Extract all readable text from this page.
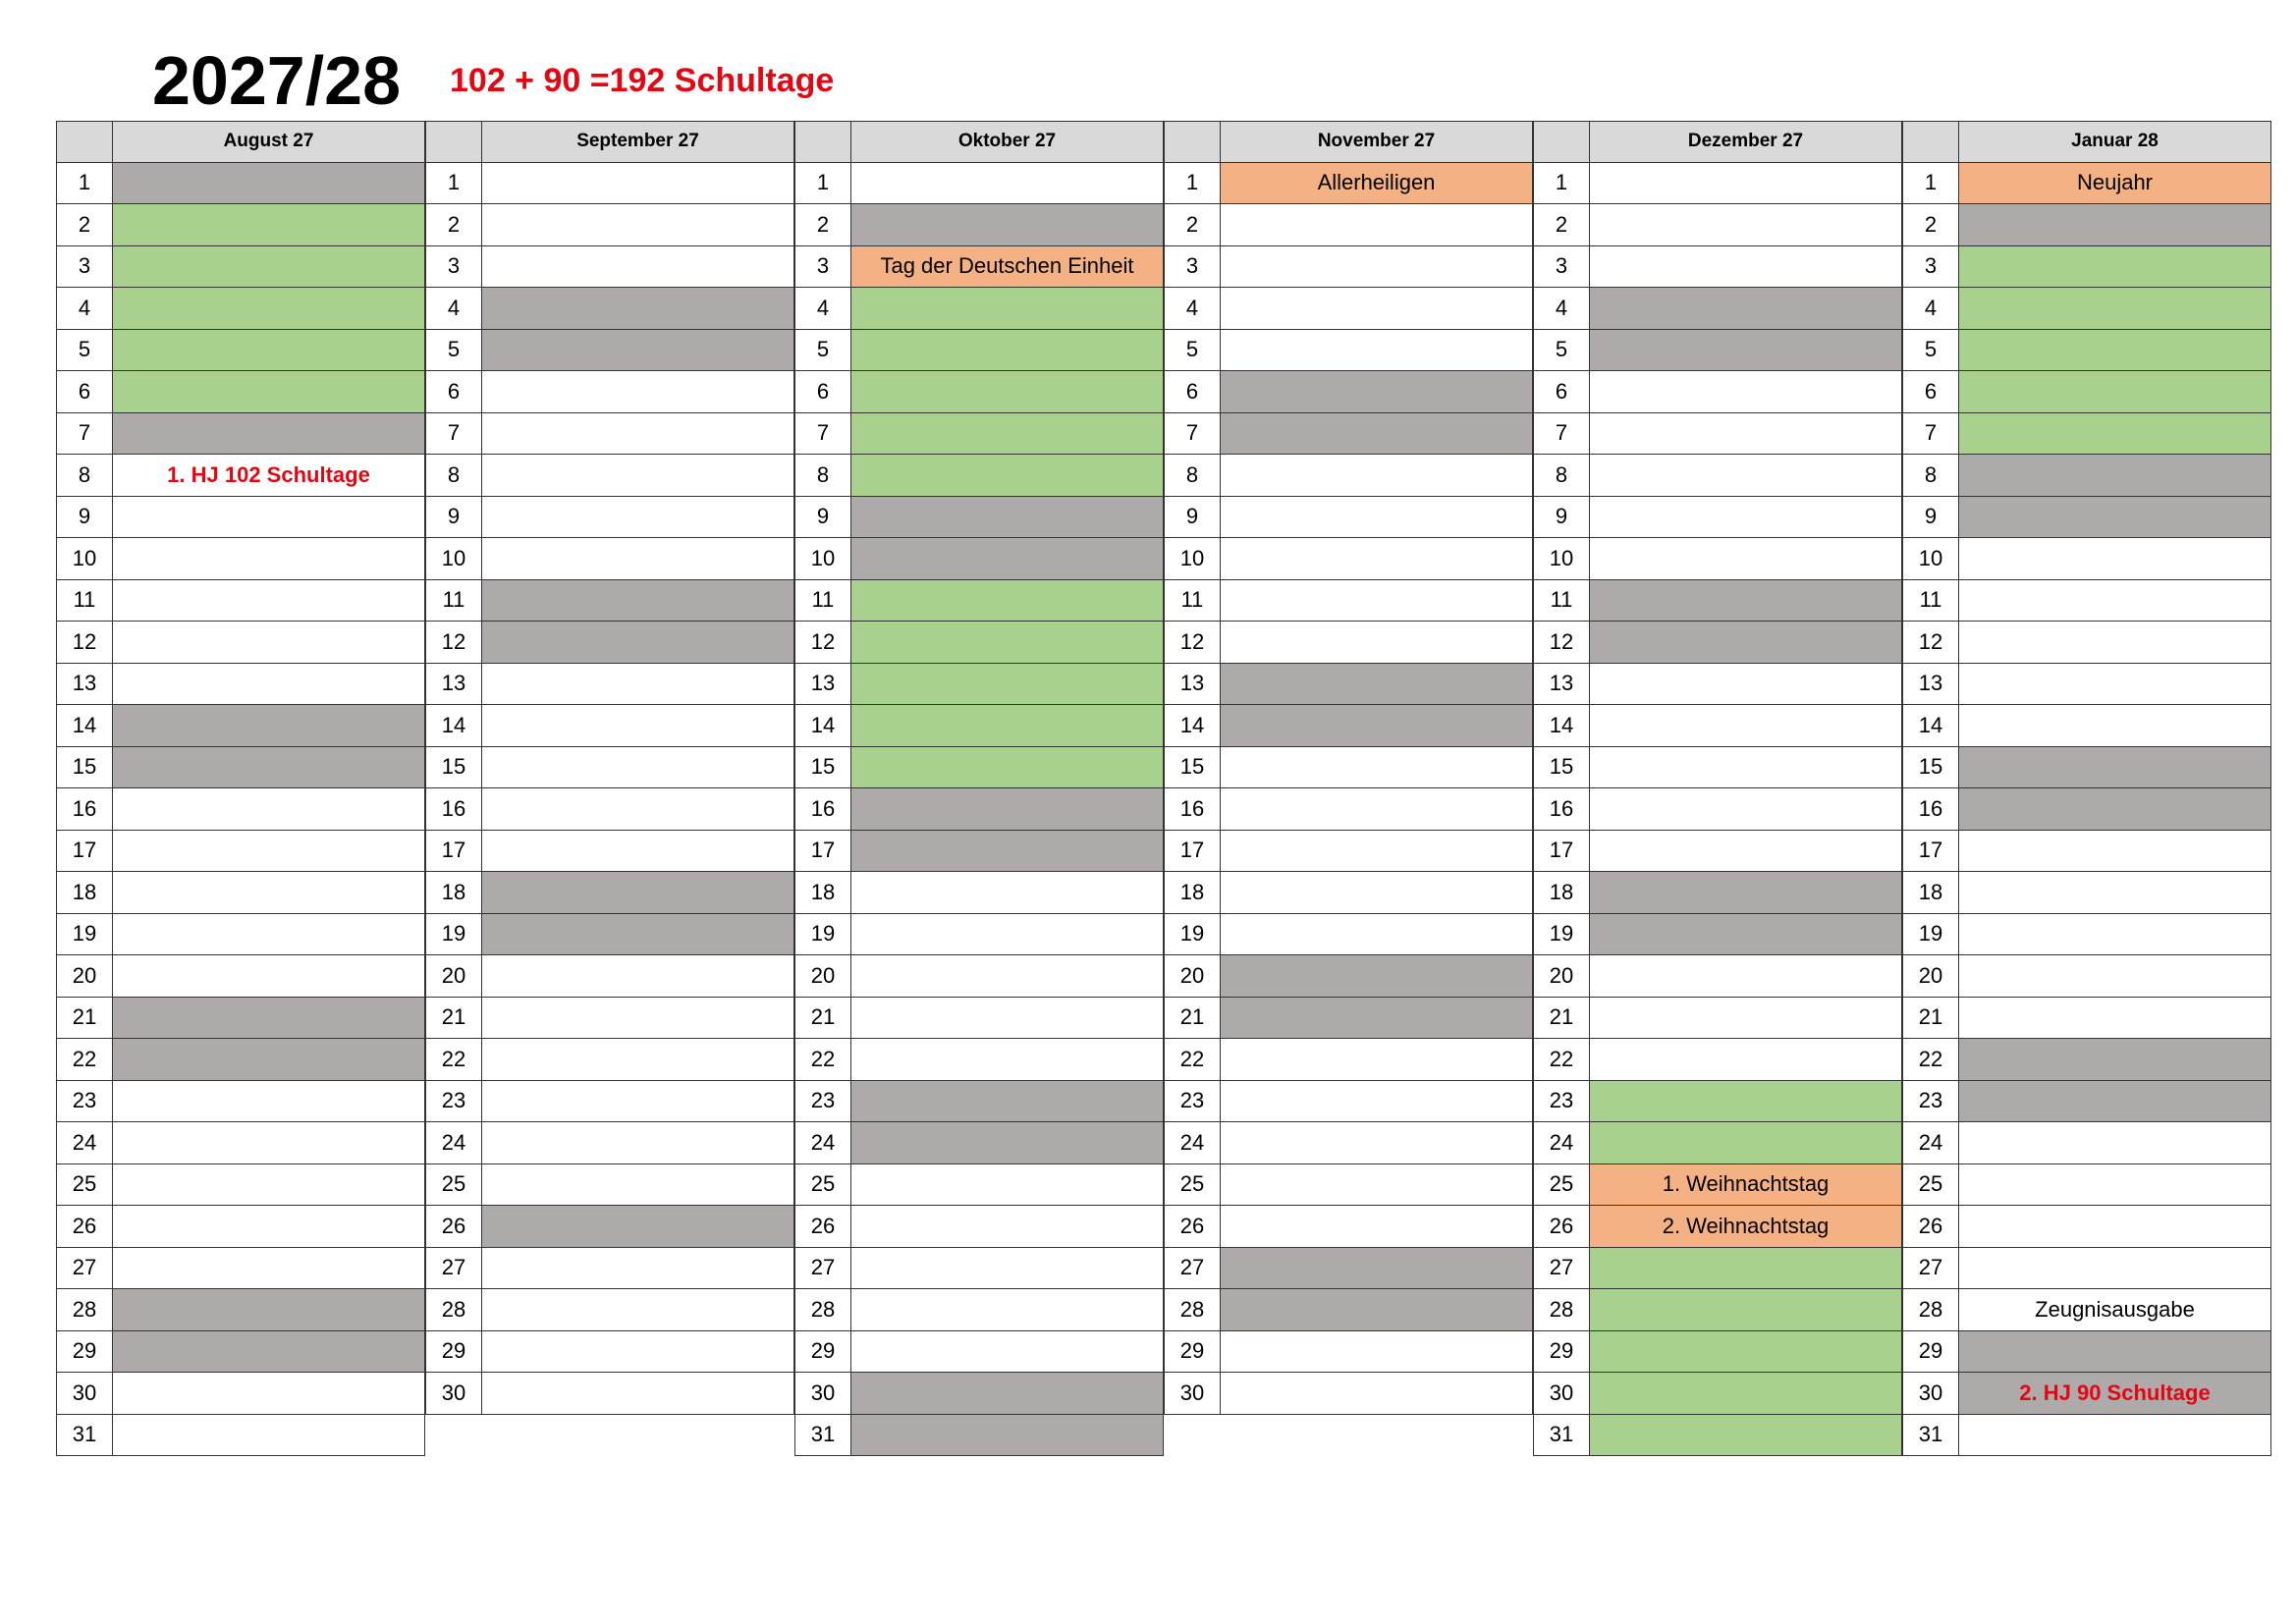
2027/28 102 + 90 =192 Schultage
August 27
1
2
3
4
5
6
7
8	1. HJ 102 Schultage
9
10
11
12
13
14
15
16
17
18
19
20
21
22
23
24
25
26
27
28
29
30
31
September 27
1
2
3
4
5
6
7
8
9
10
11
12
13
14
15
16
17
18
19
20
21
22
23
24
25
26
27
28
29
30
Oktober 27
1
2
3	Tag der Deutschen Einheit
4
5
6
7
8
9
10
11
12
13
14
15
16
17
18
19
20
21
22
23
24
25
26
27
28
29
30
31
November 27
1	Allerheiligen
2
3
4
5
6
7
8
9
10
11
12
13
14
15
16
17
18
19
20
21
22
23
24
25
26
27
28
29
30
Dezember 27
1
2
3
4
5
6
7
8
9
10
11
12
13
14
15
16
17
18
19
20
21
22
23
24
25	1. Weihnachtstag
26	2. Weihnachtstag
27
28
29
30
31
Januar 28
1	Neujahr
2
3
4
5
6
7
8
9
10
11
12
13
14
15
16
17
18
19
20
21
22
23
24
25
26
27
28	Zeugnisausgabe
29
30	2. HJ 90 Schultage
31
